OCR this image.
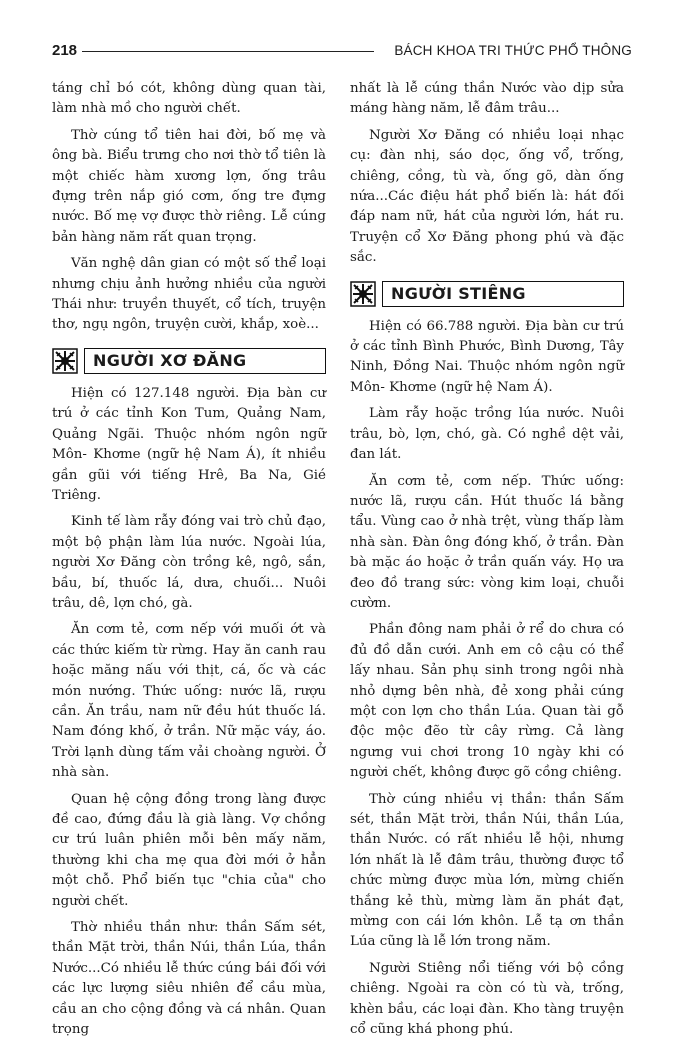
218	BÁCH KHOA TRI THỨC PHỔ THÔNG

táng chỉ bó cót, không dùng quan tài, làm nhà mồ cho người chết.

Thờ cúng tổ tiên hai đời, bố mẹ và ông bà. Biểu trưng cho nơi thờ tổ tiên là một chiếc hàm xương lợn, ống trâu đựng trên nắp gió cơm, ống tre đựng nước. Bố mẹ vợ được thờ riêng. Lễ cúng bản hàng năm rất quan trọng.

Văn nghệ dân gian có một số thể loại nhưng chịu ảnh hưởng nhiều của người Thái như: truyền thuyết, cổ tích, truyện thơ, ngụ ngôn, truyện cười, khắp, xoè...

NGƯỜI XƠ ĐĂNG

Hiện có 127.148 người. Địa bàn cư trú ở các tỉnh Kon Tum, Quảng Nam, Quảng Ngãi. Thuộc nhóm ngôn ngữ Môn- Khơme (ngữ hệ Nam Á), ít nhiều gần gũi với tiếng Hrê, Ba Na, Gié Triêng.

Kinh tế làm rẫy đóng vai trò chủ đạo, một bộ phận làm lúa nước. Ngoài lúa, người Xơ Đăng còn trồng kê, ngô, sắn, bầu, bí, thuốc lá, dưa, chuối... Nuôi trâu, dê, lợn chó, gà.

Ăn cơm tẻ, cơm nếp với muối ớt và các thức kiếm từ rừng. Hay ăn canh rau hoặc măng nấu với thịt, cá, ốc và các món nướng. Thức uống: nước lã, rượu cần. Ăn trầu, nam nữ đều hút thuốc lá. Nam đóng khố, ở trần. Nữ mặc váy, áo. Trời lạnh dùng tấm vải choàng người. Ở nhà sàn.

Quan hệ cộng đồng trong làng được đề cao, đứng đầu là già làng. Vợ chồng cư trú luân phiên mỗi bên mấy năm, thường khi cha mẹ qua đời mới ở hẳn một chỗ. Phổ biến tục "chia của" cho người chết.

Thờ nhiều thần như: thần Sấm sét, thần Mặt trời, thần Núi, thần Lúa, thần Nước...Có nhiều lễ thức cúng bái đối với các lực lượng siêu nhiên để cầu mùa, cầu an cho cộng đồng và cá nhân. Quan trọng

nhất là lễ cúng thần Nước vào dịp sửa máng hàng năm, lễ đâm trâu...

Người Xơ Đăng có nhiều loại nhạc cụ: đàn nhị, sáo dọc, ống vổ, trống, chiêng, cồng, tù và, ống gõ, dàn ống nứa...Các điệu hát phổ biến là: hát đối đáp nam nữ, hát của người lớn, hát ru. Truyện cổ Xơ Đăng phong phú và đặc sắc.

NGƯỜI STIÊNG

Hiện có 66.788 người. Địa bàn cư trú ở các tỉnh Bình Phước, Bình Dương, Tây Ninh, Đồng Nai. Thuộc nhóm ngôn ngữ Môn- Khơme (ngữ hệ Nam Á).

Làm rẫy hoặc trồng lúa nước. Nuôi trâu, bò, lợn, chó, gà. Có nghề dệt vải, đan lát.

Ăn cơm tẻ, cơm nếp. Thức uống: nước lã, rượu cần. Hút thuốc lá bằng tẩu. Vùng cao ở nhà trệt, vùng thấp làm nhà sàn. Đàn ông đóng khố, ở trần. Đàn bà mặc áo hoặc ở trần quấn váy. Họ ưa đeo đồ trang sức: vòng kim loại, chuỗi cườm.

Phần đông nam phải ở rể do chưa có đủ đồ dẫn cưới. Anh em cô cậu có thể lấy nhau. Sản phụ sinh trong ngôi nhà nhỏ dựng bên nhà, đẻ xong phải cúng một con lợn cho thần Lúa. Quan tài gỗ độc mộc đẽo từ cây rừng. Cả làng ngưng vui chơi trong 10 ngày khi có người chết, không được gõ cồng chiêng.

Thờ cúng nhiều vị thần: thần Sấm sét, thần Mặt trời, thần Núi, thần Lúa, thần Nước. có rất nhiều lễ hội, nhưng lớn nhất là lễ đâm trâu, thường được tổ chức mừng được mùa lớn, mừng chiến thắng kẻ thù, mừng làm ăn phát đạt, mừng con cái lớn khôn. Lễ tạ ơn thần Lúa cũng là lễ lớn trong năm.

Người Stiêng nổi tiếng với bộ cồng chiêng. Ngoài ra còn có tù và, trống, khèn bầu, các loại đàn. Kho tàng truyện cổ cũng khá phong phú.
